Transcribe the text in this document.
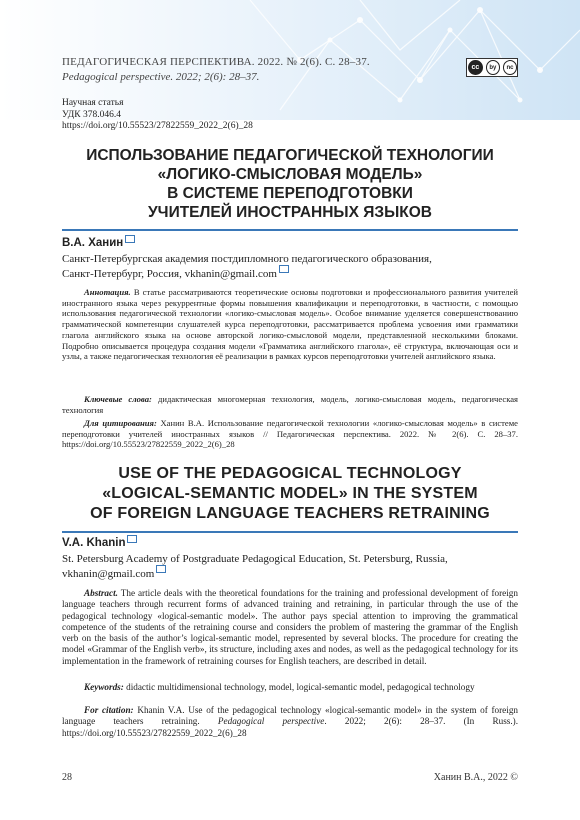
ПЕДАГОГИЧЕСКАЯ ПЕРСПЕКТИВА. 2022. № 2(6). С. 28–37.
Pedagogical perspective. 2022; 2(6): 28–37.
cc	by	nc
Научная статья
УДК 378.046.4
https://doi.org/10.55523/27822559_2022_2(6)_28
ИСПОЛЬЗОВАНИЕ ПЕДАГОГИЧЕСКОЙ ТЕХНОЛОГИИ
«ЛОГИКО-СМЫСЛОВАЯ МОДЕЛЬ»
В СИСТЕМЕ ПЕРЕПОДГОТОВКИ
УЧИТЕЛЕЙ ИНОСТРАННЫХ ЯЗЫКОВ
В.А. Ханин
Санкт-Петербургская академия постдипломного педагогического образования,
Санкт-Петербург, Россия, vkhanin@gmail.com
Аннотация. В статье рассматриваются теоретические основы подготовки и профессионального развития учителей иностранного языка через рекуррентные формы повышения квалификации и переподготовки, в частности, с помощью использования педагогической технологии «логико-смысловая модель». Особое внимание уделяется совершенствованию грамматической компетенции слушателей курса переподготовки, рассматривается проблема усвоения ими грамматики глагола английского языка на основе авторской логико-смысловой модели, представленной несколькими блоками. Подробно описывается процедура создания модели «Грамматика английского глагола», её структура, включающая оси и узлы, а также педагогическая технология её реализации в рамках курсов переподготовки учителей английского языка.
Ключевые слова: дидактическая многомерная технология, модель, логико-смысловая модель, педагогическая технология
Для цитирования: Ханин В.А. Использование педагогической технологии «логико-смысловая модель» в системе переподготовки учителей иностранных языков // Педагогическая перспектива. 2022. № 2(6). С. 28–37. https://doi.org/10.55523/27822559_2022_2(6)_28
USE OF THE PEDAGOGICAL TECHNOLOGY
«LOGICAL-SEMANTIC MODEL» IN THE SYSTEM
OF FOREIGN LANGUAGE TEACHERS RETRAINING
V.A. Khanin
St. Petersburg Academy of Postgraduate Pedagogical Education, St. Petersburg, Russia,
vkhanin@gmail.com
Abstract. The article deals with the theoretical foundations for the training and professional development of foreign language teachers through recurrent forms of advanced training and retraining, in particular through the use of the pedagogical technology «logical-semantic model». The author pays special attention to improving the grammatical competence of the students of the retraining course and considers the problem of mastering the grammar of the English verb on the basis of the author’s logical-semantic model, represented by several blocks. The procedure for creating the model «Grammar of the English verb», its structure, including axes and nodes, as well as the pedagogical technology for its implementation in the framework of retraining courses for English teachers, are described in detail.
Keywords: didactic multidimensional technology, model, logical-semantic model, pedagogical technology
For citation: Khanin V.A. Use of the pedagogical technology «logical-semantic model» in the system of foreign language teachers retraining. Pedagogical perspective. 2022; 2(6): 28–37. (In Russ.). https://doi.org/10.55523/27822559_2022_2(6)_28
28	Ханин В.А., 2022 ©
